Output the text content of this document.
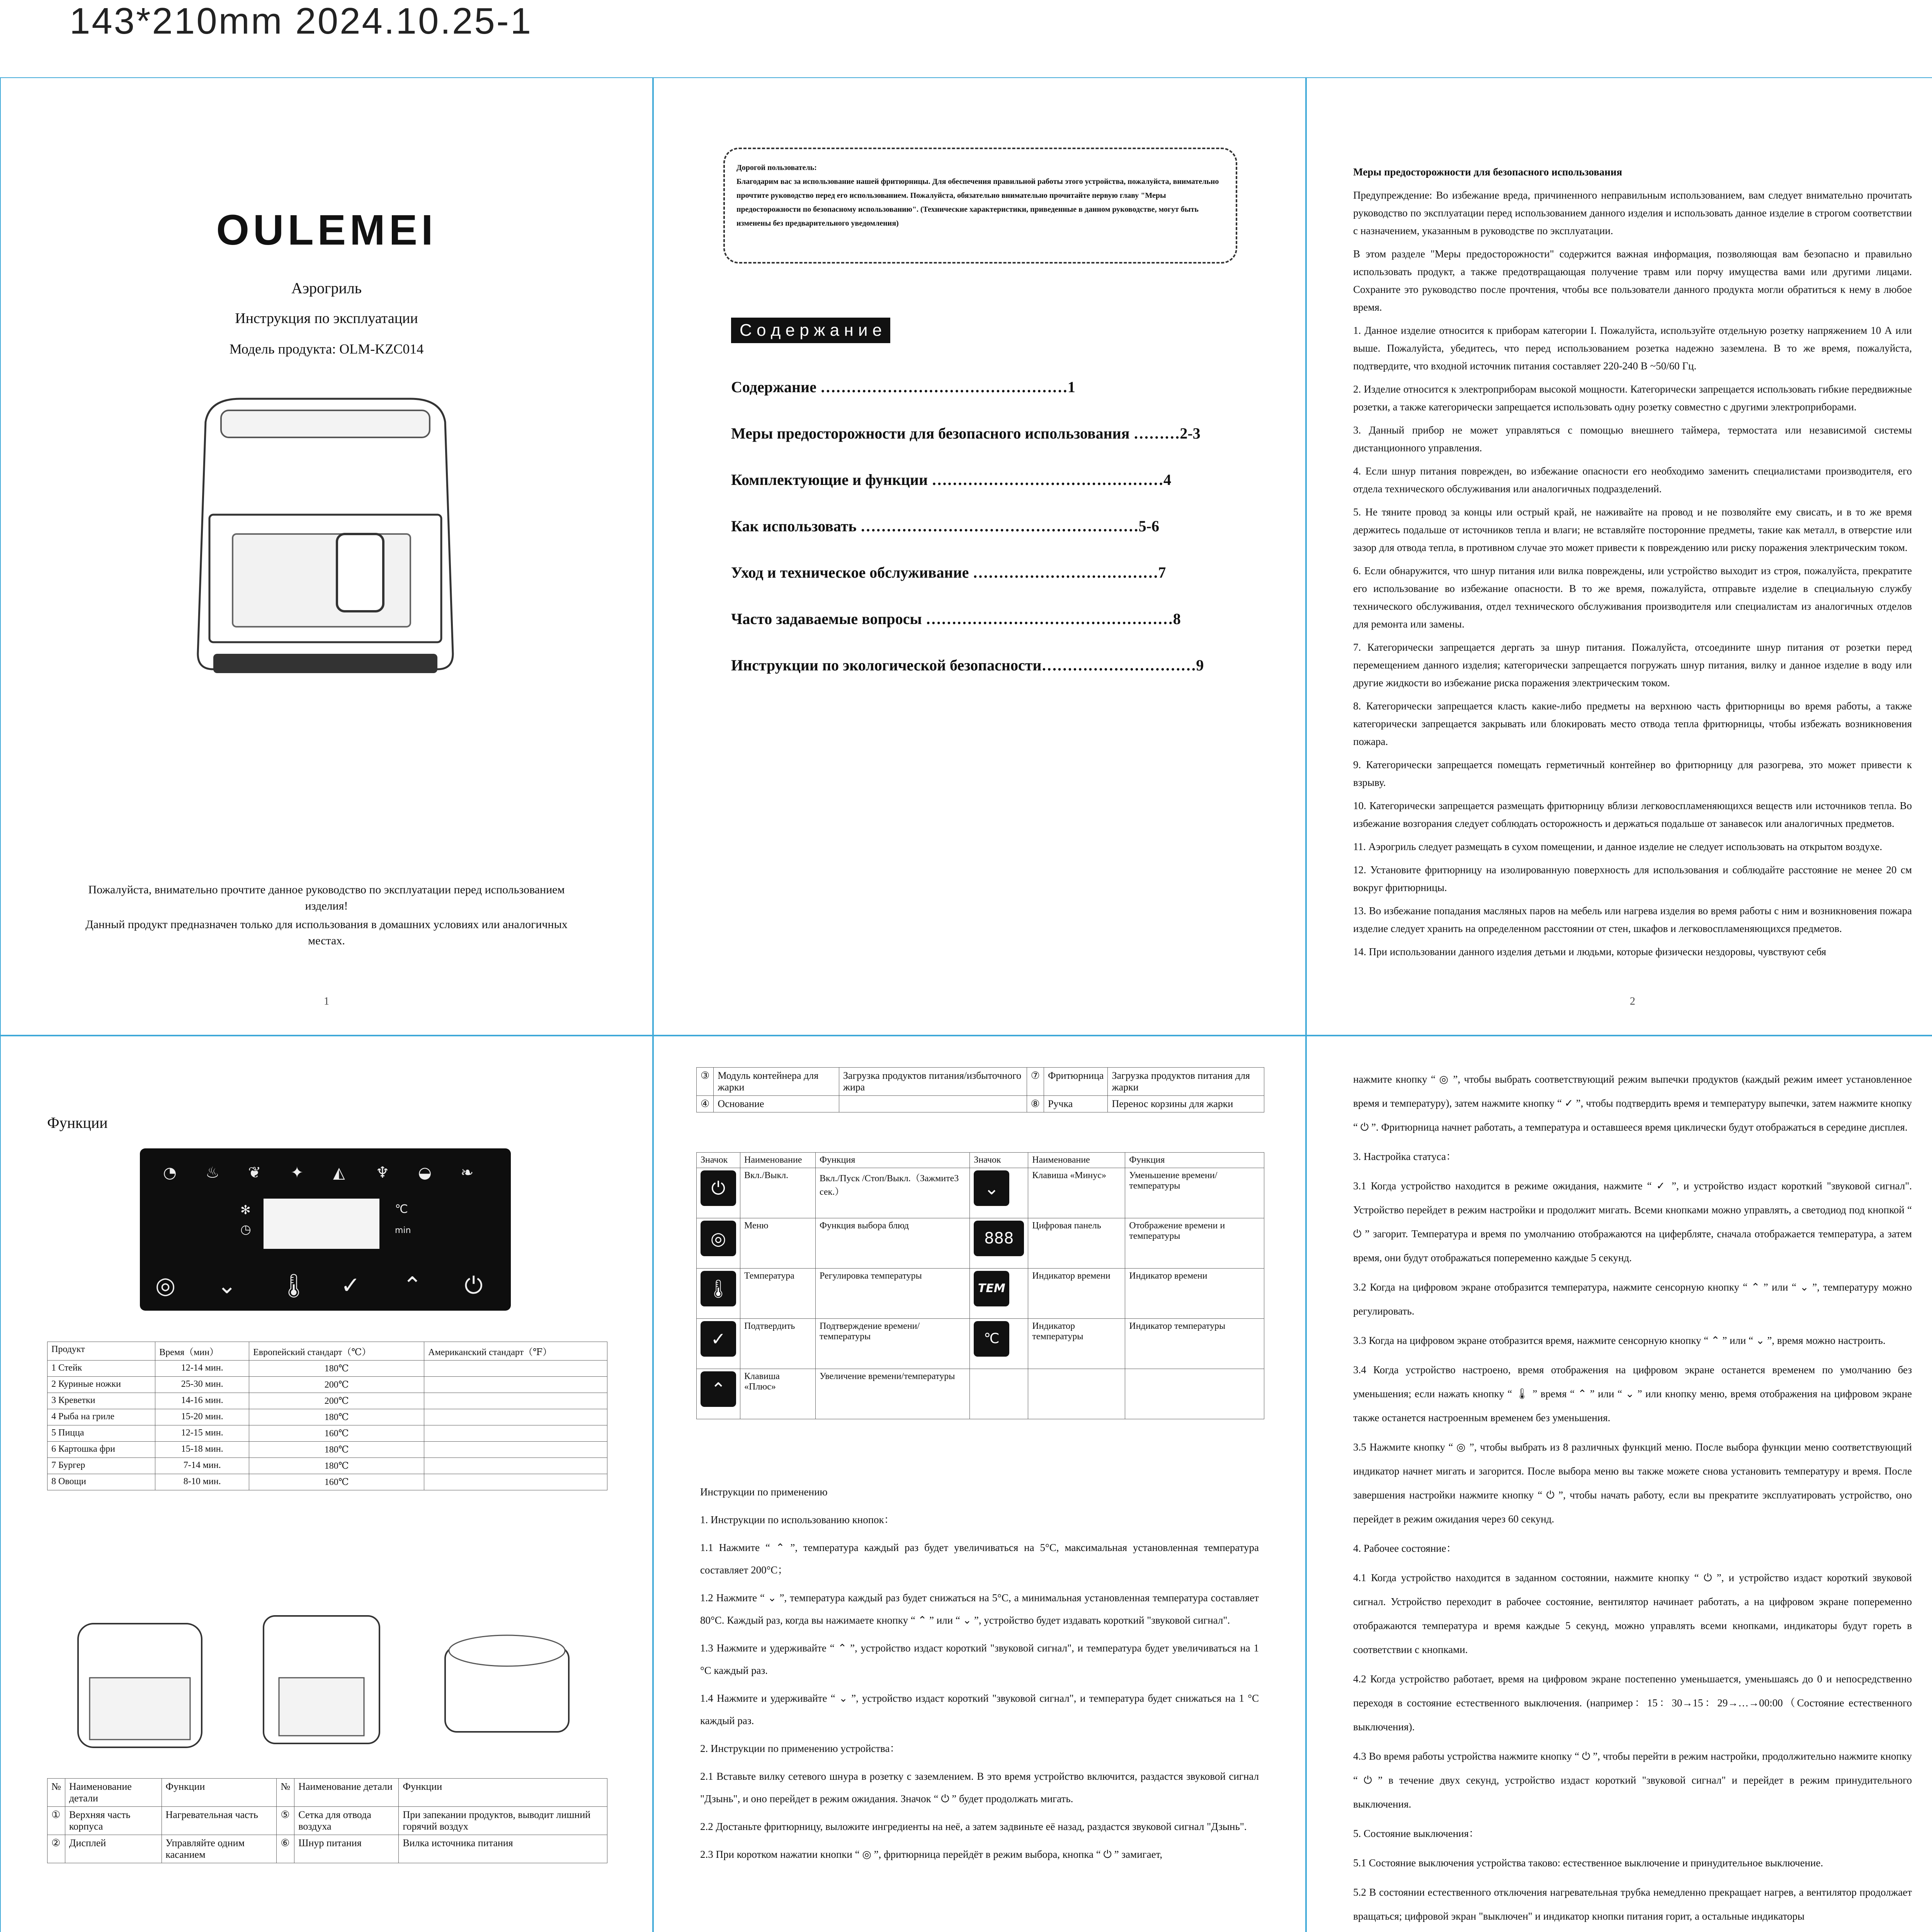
143*210mm 2024.10.25-1
OULEMEI
Аэрогриль
Инструкция по эксплуатации
Модель продукта: OLM-KZC014
Пожалуйста, внимательно прочтите данное руководство по эксплуатации перед использованием изделия!
Данный продукт предназначен только для использования в домашних условиях или аналогичных местах.
1
Дорогой пользователь:
Благодарим вас за использование нашей фритюрницы. Для обеспечения правильной работы этого устройства, пожалуйста, внимательно прочтите руководство перед его использованием. Пожалуйста, обязательно внимательно прочитайте первую главу "Меры предосторожности по безопасному использованию". (Технические характеристики, приведенные в данном руководстве, могут быть изменены без предварительного уведомления)
С о д е р ж а н и е
Содержание …………………………………………1
Меры предосторожности для безопасного использования ………2-3
Комплектующие и функции ………………………………………4
Как использовать ………………………………………………5-6
Уход и техническое обслуживание ………………………………7
Часто задаваемые вопросы …………………………………………8
Инструкции по экологической безопасности…………………………9

Меры предосторожности для безопасного использования

Предупреждение: Во избежание вреда, причиненного неправильным использованием, вам следует внимательно прочитать руководство по эксплуатации перед использованием данного изделия и использовать данное изделие в строгом соответствии с назначением, указанным в руководстве по эксплуатации.

В этом разделе "Меры предосторожности" содержится важная информация, позволяющая вам безопасно и правильно использовать продукт, а также предотвращающая получение травм или порчу имущества вами или другими лицами. Сохраните это руководство после прочтения, чтобы все пользователи данного продукта могли обратиться к нему в любое время.

1. Данное изделие относится к приборам категории I. Пожалуйста, используйте отдельную розетку напряжением 10 А или выше. Пожалуйста, убедитесь, что перед использованием розетка надежно заземлена. В то же время, пожалуйста, подтвердите, что входной источник питания составляет 220-240 В ~50/60 Гц.

2. Изделие относится к электроприборам высокой мощности. Категорически запрещается использовать гибкие передвижные розетки, а также категорически запрещается использовать одну розетку совместно с другими электроприборами.

3. Данный прибор не может управляться с помощью внешнего таймера, термостата или независимой системы дистанционного управления.

4. Если шнур питания поврежден, во избежание опасности его необходимо заменить специалистами производителя, его отдела технического обслуживания или аналогичных подразделений.

5. Не тяните провод за концы или острый край, не наживайте на провод и не позволяйте ему свисать, и в то же время держитесь подальше от источников тепла и влаги; не вставляйте посторонние предметы, такие как металл, в отверстие или зазор для отвода тепла, в противном случае это может привести к повреждению или риску поражения электрическим током.

6. Если обнаружится, что шнур питания или вилка повреждены, или устройство выходит из строя, пожалуйста, прекратите его использование во избежание опасности. В то же время, пожалуйста, отправьте изделие в специальную службу технического обслуживания, отдел технического обслуживания производителя или специалистам из аналогичных отделов для ремонта или замены.

7. Категорически запрещается дергать за шнур питания. Пожалуйста, отсоедините шнур питания от розетки перед перемещением данного изделия; категорически запрещается погружать шнур питания, вилку и данное изделие в воду или другие жидкости во избежание риска поражения электрическим током.

8. Категорически запрещается класть какие-либо предметы на верхнюю часть фритюрницы во время работы, а также категорически запрещается закрывать или блокировать место отвода тепла фритюрницы, чтобы избежать возникновения пожара.

9. Категорически запрещается помещать герметичный контейнер во фритюрницу для разогрева, это может привести к взрыву.

10. Категорически запрещается размещать фритюрницу вблизи легковоспламеняющихся веществ или источников тепла. Во избежание возгорания следует соблюдать осторожность и держаться подальше от занавесок или аналогичных предметов.

11. Аэрогриль следует размещать в сухом помещении, и данное изделие не следует использовать на открытом воздухе.

12. Установите фритюрницу на изолированную поверхность для использования и соблюдайте расстояние не менее 20 см вокруг фритюрницы.

13. Во избежание попадания масляных паров на мебель или нагрева изделия во время работы с ним и возникновения пожара изделие следует хранить на определенном расстоянии от стен, шкафов и легковоспламеняющихся предметов.

14. При использовании данного изделия детьми и людьми, которые физически нездоровы, чувствуют себя

2

Функции
◔ ♨ ❦ ✦ ◭ ♆ ◒ ❧
✻
◷
℃
min
◎ ⌄ 🌡 ✓ ⌃ ⏻
Продукт	Время（мин）	Европейский стандарт（℃）	Американский стандарт（℉）
1 Стейк	12-14 мин.	180℃	
2 Куриные ножки	25-30 мин.	200℃	
3 Креветки	14-16 мин.	200℃	
4 Рыба на гриле	15-20 мин.	180℃	
5 Пицца	12-15 мин.	160℃	
6 Картошка фри	15-18 мин.	180℃	
7 Бургер	7-14 мин.	180℃	
8 Овощи	8-10 мин.	160℃	
№	Наименование детали	Функции	№	Наименование детали	Функции
①	Верхняя часть корпуса	Нагревательная часть	⑤	Сетка для отвода воздуха	При запекании продуктов, выводит лишний горячий воздух
②	Дисплей	Управляйте одним касанием	⑥	Шнур питания	Вилка источника питания
③	Модуль контейнера для жарки	Загрузка продуктов питания/избыточного жира	⑦	Фритюрница	Загрузка продуктов питания для жарки
④	Основание		⑧	Ручка	Перенос корзины для жарки
Значок	Наименование	Функция	Значок	Наименование	Функция
⏻	Вкл./Выкл.	Вкл./Пуск /Стоп/Выкл.（Зажмите3 сек.）	⌄	Клавиша «Минус»	Уменьшение времени/температуры
◎	Меню	Функция выбора блюд	888	Цифровая панель	Отображение времени и температуры
🌡	Температура	Регулировка температуры	TEM	Индикатор времени	Индикатор времени
✓	Подтвердить	Подтверждение времени/температуры	℃	Индикатор температуры	Индикатор температуры
⌃	Клавиша «Плюс»	Увеличение времени/температуры			

Инструкции по применению

1. Инструкции по использованию кнопок：

1.1 Нажмите “ ⌃ ”, температура каждый раз будет увеличиваться на 5°C, максимальная установленная температура составляет 200°C；

1.2 Нажмите “ ⌄ ”, температура каждый раз будет снижаться на 5°C, а минимальная установленная температура составляет 80°C. Каждый раз, когда вы нажимаете кнопку “ ⌃ ” или “ ⌄ ”, устройство будет издавать короткий "звуковой сигнал".

1.3 Нажмите и удерживайте “ ⌃ ”, устройство издаст короткий "звуковой сигнал", и температура будет увеличиваться на 1 °C каждый раз.

1.4 Нажмите и удерживайте “ ⌄ ”, устройство издаст короткий "звуковой сигнал", и температура будет снижаться на 1 °C каждый раз.

2. Инструкции по применению устройства：

2.1 Вставьте вилку сетевого шнура в розетку с заземлением. В это время устройство включится, раздастся звуковой сигнал "Дзынь", и оно перейдет в режим ожидания. Значок “ ⏻ ” будет продолжать мигать.

2.2 Достаньте фритюрницу, выложите ингредиенты на неё, а затем задвиньте её назад, раздастся звуковой сигнал "Дзынь".

2.3 При коротком нажатии кнопки “ ◎ ”, фритюрница перейдёт в режим выбора, кнопка “ ⏻ ” замигает,

нажмите кнопку “ ◎ ”, чтобы выбрать соответствующий режим выпечки продуктов (каждый режим имеет установленное время и температуру), затем нажмите кнопку “ ✓ ”, чтобы подтвердить время и температуру выпечки, затем нажмите кнопку “ ⏻ ”. Фритюрница начнет работать, а температура и оставшееся время циклически будут отображаться в середине дисплея.

3. Настройка статуса：

3.1 Когда устройство находится в режиме ожидания, нажмите “ ✓ ”, и устройство издаст короткий "звуковой сигнал". Устройство перейдет в режим настройки и продолжит мигать. Всеми кнопками можно управлять, а светодиод под кнопкой “ ⏻ ” загорит. Температура и время по умолчанию отображаются на цифербляте, сначала отображается температура, а затем время, они будут отображаться попеременно каждые 5 секунд.

3.2 Когда на цифровом экране отобразится температура, нажмите сенсорную кнопку “ ⌃ ” или “ ⌄ ”, температуру можно регулировать.

3.3 Когда на цифровом экране отобразится время, нажмите сенсорную кнопку “ ⌃ ” или “ ⌄ ”, время можно настроить.

3.4 Когда устройство настроено, время отображения на цифровом экране останется временем по умолчанию без уменьшения; если нажать кнопку “ 🌡 ” время “ ⌃ ” или “ ⌄ ” или кнопку меню, время отображения на цифровом экране также останется настроенным временем без уменьшения.

3.5 Нажмите кнопку “ ◎ ”, чтобы выбрать из 8 различных функций меню. После выбора функции меню соответствующий индикатор начнет мигать и загорится. После выбора меню вы также можете снова установить температуру и время. После завершения настройки нажмите кнопку “ ⏻ ”, чтобы начать работу, если вы прекратите эксплуатировать устройство, оно перейдет в режим ожидания через 60 секунд.

4. Рабочее состояние：

4.1 Когда устройство находится в заданном состоянии, нажмите кнопку “ ⏻ ”, и устройство издаст короткий звуковой сигнал. Устройство переходит в рабочее состояние, вентилятор начинает работать, а на цифровом экране попеременно отображаются температура и время каждые 5 секунд, можно управлять всеми кнопками, индикаторы будут гореть в соответствии с кнопками.

4.2 Когда устройство работает, время на цифровом экране постепенно уменьшается, уменьшаясь до 0 и непосредственно переходя в состояние естественного выключения. (например：15：30→15：29→…→00:00（Состояние естественного выключения).

4.3 Во время работы устройства нажмите кнопку “ ⏻ ”, чтобы перейти в режим настройки, продолжительно нажмите кнопку “ ⏻ ” в течение двух секунд, устройство издаст короткий "звуковой сигнал" и перейдет в режим принудительного выключения.

5. Состояние выключения：

5.1 Состояние выключения устройства таково: естественное выключение и принудительное выключение.

5.2 В состоянии естественного отключения нагревательная трубка немедленно прекращает нагрев, а вентилятор продолжает вращаться; цифровой экран "выключен" и индикатор кнопки питания горит, а остальные индикаторы
